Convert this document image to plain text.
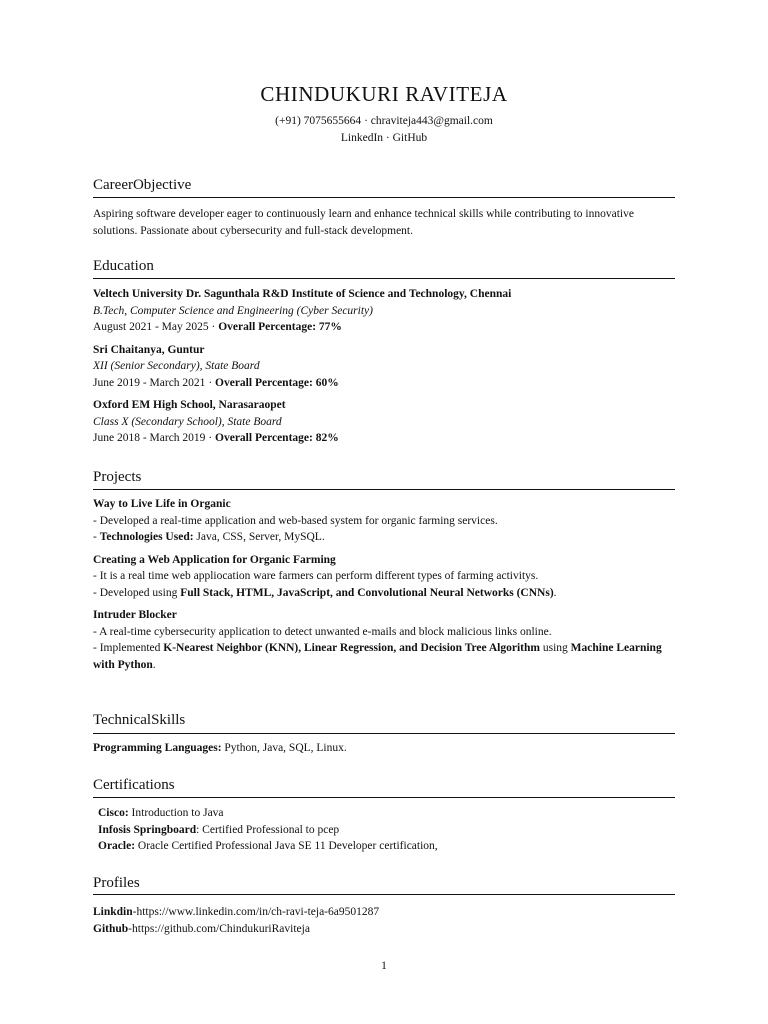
CHINDUKURI RAVITEJA
(+91) 7075655664 · chraviteja443@gmail.com
LinkedIn · GitHub
CareerObjective
Aspiring software developer eager to continuously learn and enhance technical skills while contributing to innovative solutions. Passionate about cybersecurity and full-stack development.
Education
Veltech University Dr. Sagunthala R&D Institute of Science and Technology, Chennai
B.Tech, Computer Science and Engineering (Cyber Security)
August 2021 - May 2025 · Overall Percentage: 77%
Sri Chaitanya, Guntur
XII (Senior Secondary), State Board
June 2019 - March 2021 · Overall Percentage: 60%
Oxford EM High School, Narasaraopet
Class X (Secondary School), State Board
June 2018 - March 2019 · Overall Percentage: 82%
Projects
Way to Live Life in Organic
- Developed a real-time application and web-based system for organic farming services.
- Technologies Used: Java, CSS, Server, MySQL.
Creating a Web Application for Organic Farming
- It is a real time web appliocation ware farmers can perform different types of farming activitys.
- Developed using Full Stack, HTML, JavaScript, and Convolutional Neural Networks (CNNs).
Intruder Blocker
- A real-time cybersecurity application to detect unwanted e-mails and block malicious links online.
- Implemented K-Nearest Neighbor (KNN), Linear Regression, and Decision Tree Algorithm using Machine Learning with Python.
TechnicalSkills
Programming Languages: Python, Java, SQL, Linux.
Certifications
Cisco: Introduction to Java
Infosis Springboard: Certified Professional to pcep
Oracle: Oracle Certified Professional Java SE 11 Developer certification,
Profiles
Linkdin-https://www.linkedin.com/in/ch-ravi-teja-6a9501287
Github-https://github.com/ChindukuriRaviteja
1
